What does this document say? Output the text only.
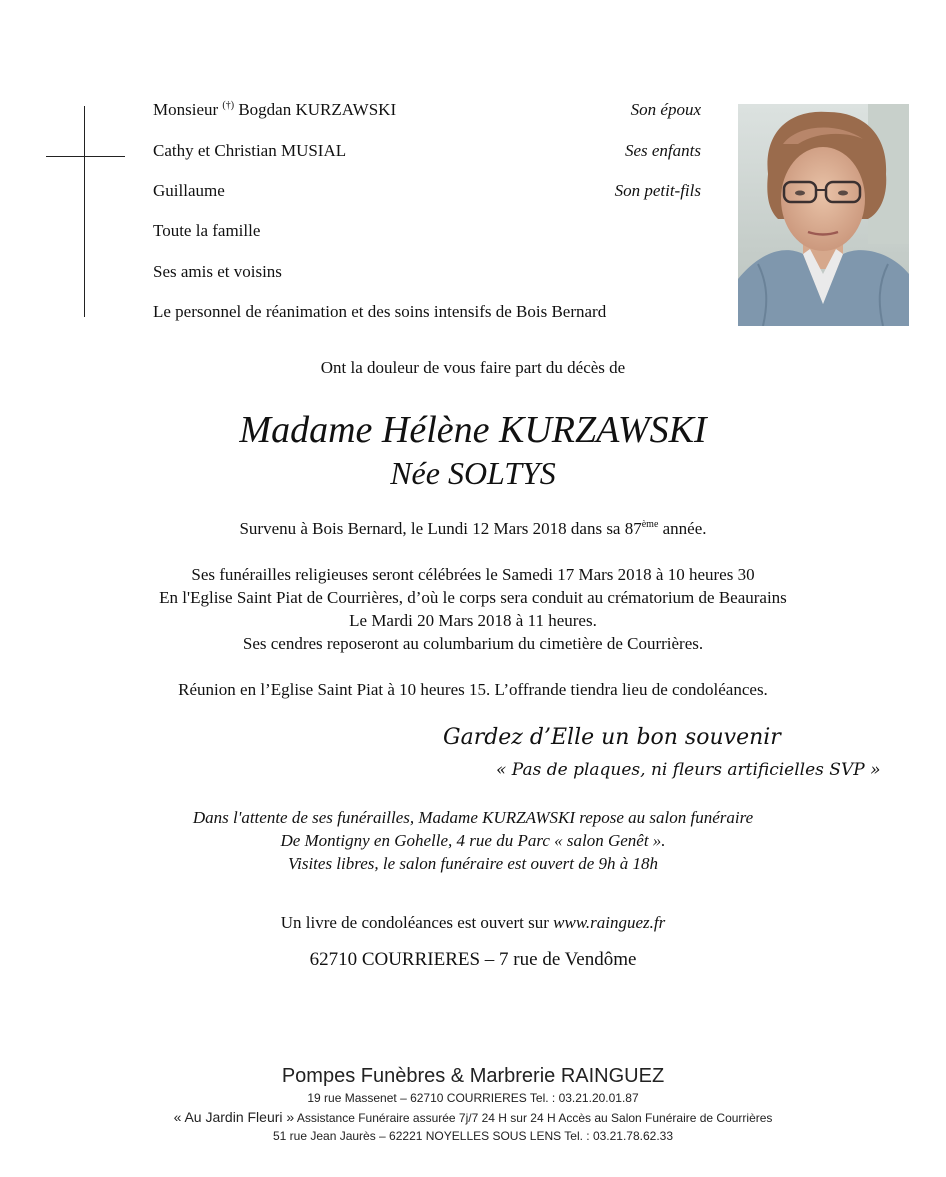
Monsieur (†) Bogdan KURZAWSKI	Son époux
Cathy et Christian MUSIAL	Ses enfants
Guillaume	Son petit-fils
Toute la famille
Ses amis et voisins
Le personnel de réanimation et des soins intensifs de Bois Bernard
Ont la douleur de vous faire part du décès de
Madame Hélène KURZAWSKI
Née SOLTYS
Survenu à Bois Bernard, le Lundi 12 Mars 2018 dans sa 87ème année.
Ses funérailles religieuses seront célébrées le Samedi 17 Mars 2018 à 10 heures 30
En l'Eglise Saint Piat de Courrières, d’où le corps sera conduit au crématorium de Beaurains
Le Mardi 20 Mars 2018 à 11 heures.
Ses cendres reposeront au columbarium du cimetière de Courrières.
Réunion en l’Eglise Saint Piat à 10 heures 15. L’offrande tiendra lieu de condoléances.
Gardez d’Elle un bon souvenir
« Pas de plaques, ni fleurs artificielles SVP »
Dans l'attente de ses funérailles, Madame KURZAWSKI repose au salon funéraire
De Montigny en Gohelle, 4 rue du Parc « salon Genêt ».
Visites libres, le salon funéraire est ouvert de 9h à 18h
Un livre de condoléances est ouvert sur www.rainguez.fr
62710 COURRIERES – 7 rue de Vendôme
Pompes Funèbres & Marbrerie RAINGUEZ
19 rue Massenet – 62710 COURRIERES Tel. : 03.21.20.01.87
« Au Jardin Fleuri » Assistance Funéraire assurée 7j/7 24 H sur 24 H Accès au Salon Funéraire de Courrières
51 rue Jean Jaurès – 62221 NOYELLES SOUS LENS Tel. : 03.21.78.62.33
